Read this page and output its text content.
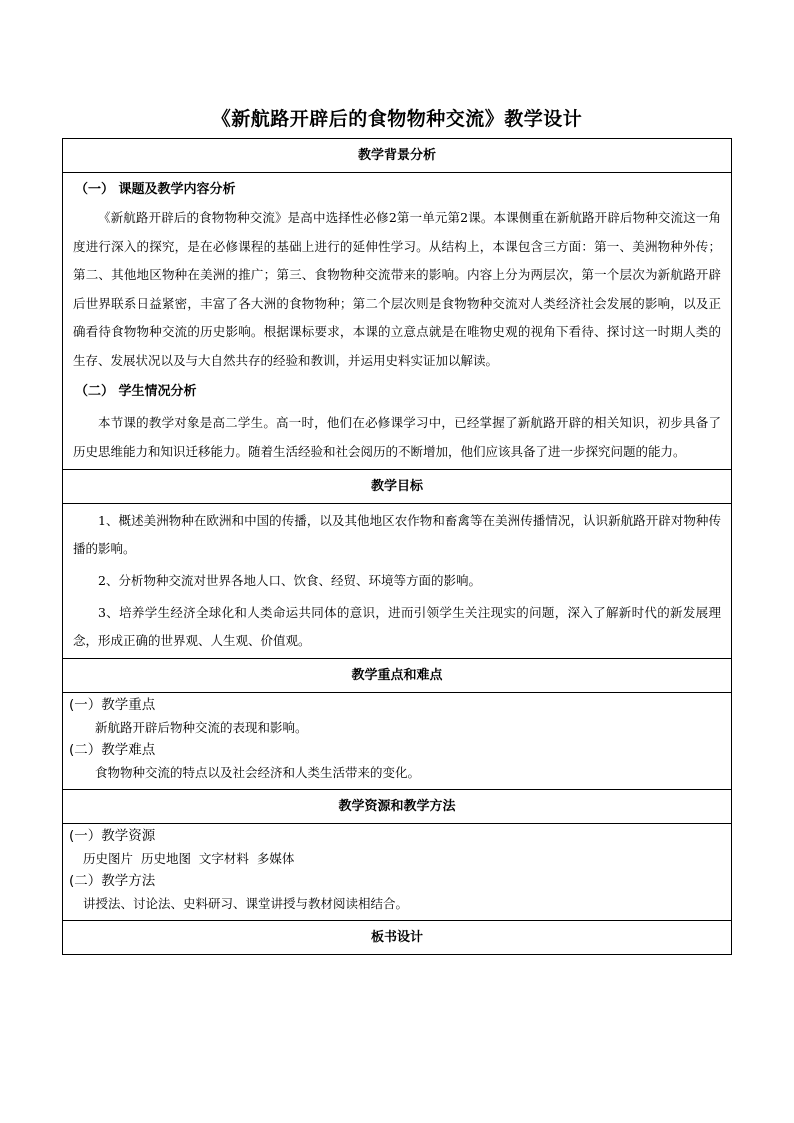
《新航路开辟后的食物物种交流》教学设计
教学背景分析

（一） 课题及教学内容分析

《新航路开辟后的食物物种交流》是高中选择性必修2第一单元第2课。本课侧重在新航路开辟后物种交流这一角度进行深入的探究，是在必修课程的基础上进行的延伸性学习。从结构上，本课包含三方面：第一、美洲物种外传；第二、其他地区物种在美洲的推广；第三、食物物种交流带来的影响。内容上分为两层次，第一个层次为新航路开辟后世界联系日益紧密，丰富了各大洲的食物物种；第二个层次则是食物物种交流对人类经济社会发展的影响，以及正确看待食物物种交流的历史影响。根据课标要求，本课的立意点就是在唯物史观的视角下看待、探讨这一时期人类的生存、发展状况以及与大自然共存的经验和教训，并运用史料实证加以解读。

（二） 学生情况分析

本节课的教学对象是高二学生。高一时，他们在必修课学习中，已经掌握了新航路开辟的相关知识，初步具备了历史思维能力和知识迁移能力。随着生活经验和社会阅历的不断增加，他们应该具备了进一步探究问题的能力。

教学目标

1、概述美洲物种在欧洲和中国的传播，以及其他地区农作物和畜禽等在美洲传播情况，认识新航路开辟对物种传播的影响。

2、分析物种交流对世界各地人口、饮食、经贸、环境等方面的影响。

3、培养学生经济全球化和人类命运共同体的意识，进而引领学生关注现实的问题，深入了解新时代的新发展理念，形成正确的世界观、人生观、价值观。

教学重点和难点

(一）教学重点

新航路开辟后物种交流的表现和影响。

(二）教学难点

食物物种交流的特点以及社会经济和人类生活带来的变化。

教学资源和教学方法

(一）教学资源

历史图片  历史地图  文字材料  多媒体

(二）教学方法

讲授法、讨论法、史料研习、课堂讲授与教材阅读相结合。

板书设计
